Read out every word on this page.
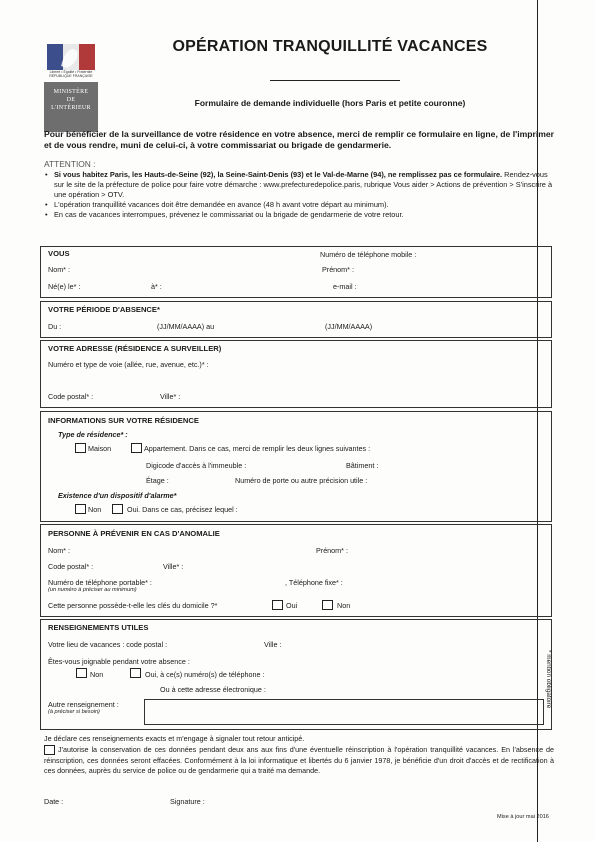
Liberté • Égalité • Fraternité RÉPUBLIQUE FRANÇAISE
MINISTÈRE
DE
L'INTÉRIEUR
OPÉRATION TRANQUILLITÉ VACANCES
Formulaire de demande individuelle (hors Paris et petite couronne)
Pour bénéficier de la surveillance de votre résidence en votre absence, merci de remplir ce formulaire en ligne, de l'imprimer et de vous rendre, muni de celui-ci, à votre commissariat ou brigade de gendarmerie.
ATTENTION :
• Si vous habitez Paris, les Hauts-de-Seine (92), la Seine-Saint-Denis (93) et le Val-de-Marne (94), ne remplissez pas ce formulaire. Rendez-vous sur le site de la préfecture de police pour faire votre démarche : www.prefecturedepolice.paris, rubrique Vous aider > Actions de prévention > S'inscrire à une opération > OTV.
• L'opération tranquillité vacances doit être demandée en avance (48 h avant votre départ au minimum).
• En cas de vacances interrompues, prévenez le commissariat ou la brigade de gendarmerie de votre retour.
VOUS	Numéro de téléphone mobile :
Nom* :	Prénom* :
Né(e) le* :	à* :	e-mail :
VOTRE PÉRIODE D'ABSENCE*
Du :	(JJ/MM/AAAA) au	(JJ/MM/AAAA)
VOTRE ADRESSE (RÉSIDENCE A SURVEILLER)
Numéro et type de voie (allée, rue, avenue, etc.)* :
Code postal* :	Ville* :
INFORMATIONS SUR VOTRE RÉSIDENCE
Type de résidence* :
Maison	Appartement. Dans ce cas, merci de remplir les deux lignes suivantes :
Digicode d'accès à l'immeuble :	Bâtiment :
Étage :	Numéro de porte ou autre précision utile :
Existence d'un dispositif d'alarme*
Non	Oui. Dans ce cas, précisez lequel :
PERSONNE À PRÉVENIR EN CAS D'ANOMALIE
Nom* :	Prénom* :
Code postal* :	Ville* :
Numéro de téléphone portable* :
(un numéro à préciser au minimum)
, Téléphone fixe* :
Cette personne possède-t-elle les clés du domicile ?*	Oui	Non
RENSEIGNEMENTS UTILES
Votre lieu de vacances : code postal :	Ville :
Êtes-vous joignable pendant votre absence :
Non	Oui, à ce(s) numéro(s) de téléphone :
Ou à cette adresse électronique :
Autre renseignement :
(à préciser si besoin)
* mention obligatoire
Je déclare ces renseignements exacts et m'engage à signaler tout retour anticipé.
J'autorise la conservation de ces données pendant deux ans aux fins d'une éventuelle réinscription à l'opération tranquillité vacances. En l'absence de réinscription, ces données seront effacées. Conformément à la loi informatique et libertés du 6 janvier 1978, je bénéficie d'un droit d'accès et de rectification à ces données, auprès du service de police ou de gendarmerie qui a traité ma demande.
Date :	Signature :
Mise à jour mai 2016
